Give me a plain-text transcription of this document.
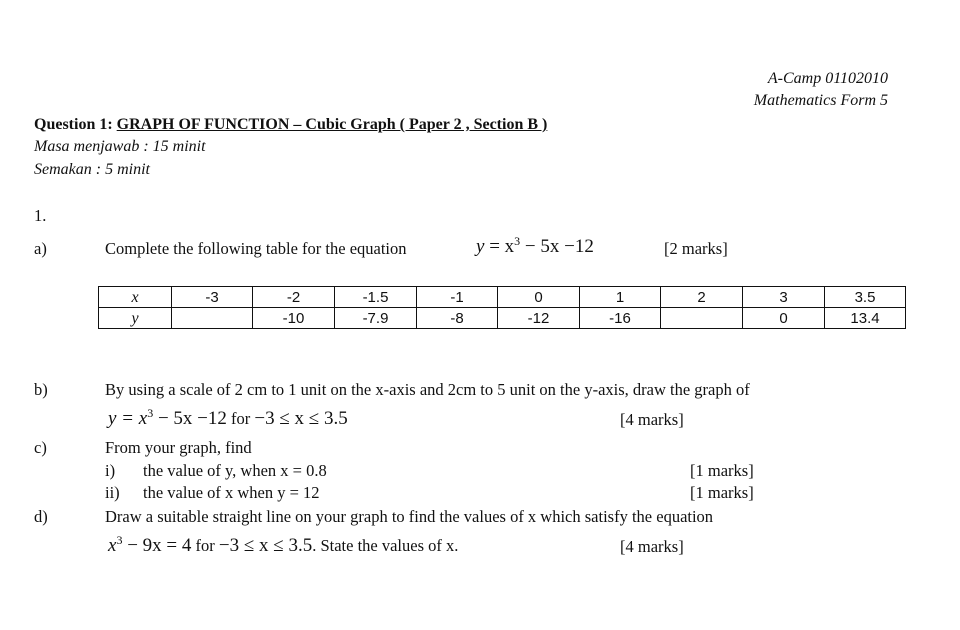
A-Camp 01102010
Mathematics Form 5
Question 1: GRAPH OF FUNCTION – Cubic Graph ( Paper 2 , Section B )
Masa menjawab : 15 minit
Semakan : 5 minit
1.
a)	Complete the following table for the equation	$y = x^3 - 5x -12$	[2 marks]
x	-3	-2	-1.5	-1	0	1	2	3	3.5
y		-10	-7.9	-8	-12	-16		0	13.4
b)	By using a scale of 2 cm to 1 unit on the x-axis and 2cm to 5 unit on the y-axis, draw the graph of
$y = x^3 - 5x -12$ for −3 ≤ x ≤ 3.5	[4 marks]
c)	From your graph, find
i) the value of y, when x = 0.8	[1 marks]
ii) the value of x when y = 12	[1 marks]
d)	Draw a suitable straight line on your graph to find the values of x which satisfy the equation
$x^3 - 9x = 4$ for −3 ≤ x ≤ 3.5. State the values of x.	[4 marks]
